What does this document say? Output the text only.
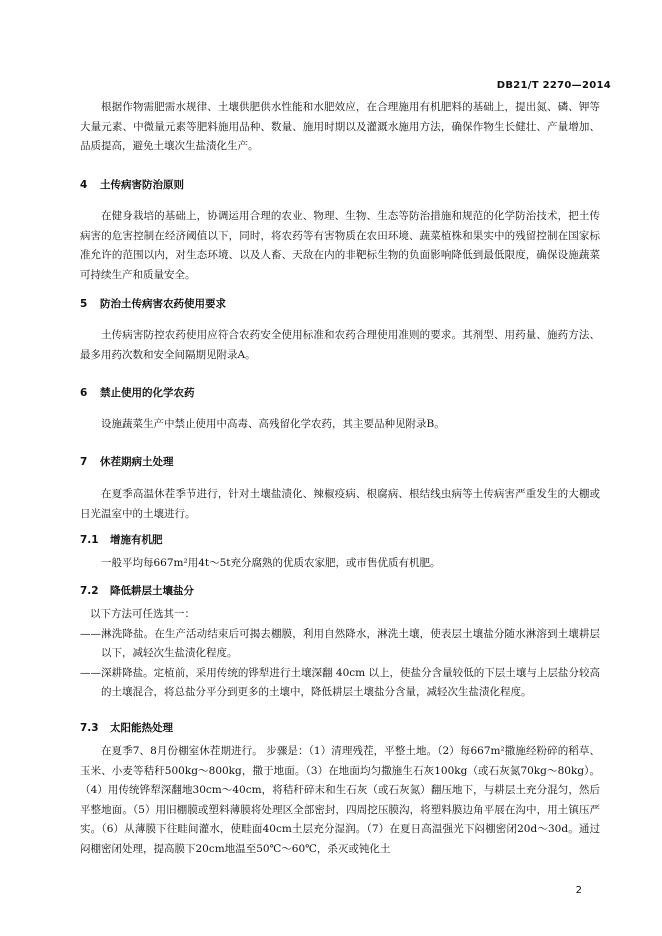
DB21/T 2270—2014

根据作物需肥需水规律、土壤供肥供水性能和水肥效应，在合理施用有机肥料的基础上，提出氮、磷、钾等大量元素、中微量元素等肥料施用品种、数量、施用时期以及灌溉水施用方法，确保作物生长健壮、产量增加、品质提高，避免土壤次生盐渍化生产。

4 土传病害防治原则

在健身栽培的基础上，协调运用合理的农业、物理、生物、生态等防治措施和规范的化学防治技术，把土传病害的危害控制在经济阈值以下，同时，将农药等有害物质在农田环境、蔬菜植株和果实中的残留控制在国家标准允许的范围以内，对生态环境、以及人畜、天敌在内的非靶标生物的负面影响降低到最低限度，确保设施蔬菜可持续生产和质量安全。

5 防治土传病害农药使用要求

土传病害防控农药使用应符合农药安全使用标准和农药合理使用准则的要求。其剂型、用药量、施药方法、最多用药次数和安全间隔期见附录A。

6 禁止使用的化学农药

设施蔬菜生产中禁止使用中高毒、高残留化学农药，其主要品种见附录B。

7 休茬期病土处理

在夏季高温休茬季节进行，针对土壤盐渍化、辣椒疫病、根腐病、根结线虫病等土传病害严重发生的大棚或日光温室中的土壤进行。

7.1 增施有机肥

一般平均每667m²用4t～5t充分腐熟的优质农家肥，或市售优质有机肥。

7.2 降低耕层土壤盐分

以下方法可任选其一：

——淋洗降盐。在生产活动结束后可揭去棚膜，利用自然降水，淋洗土壤，使表层土壤盐分随水淋溶到土壤耕层以下，减轻次生盐渍化程度。

——深耕降盐。定植前，采用传统的铧犁进行土壤深翻 40cm 以上，使盐分含量较低的下层土壤与上层盐分较高的土壤混合，将总盐分平分到更多的土壤中，降低耕层土壤盐分含量，减轻次生盐渍化程度。

7.3 太阳能热处理

在夏季7、8月份棚室休茬期进行。 步骤是：（1）清理残茬，平整土地。（2）每667m²撒施经粉碎的稻草、玉米、小麦等秸秆500kg～800kg，撒于地面。（3）在地面均匀撒施生石灰100kg（或石灰氮70kg～80kg）。（4）用传统铧犁深翻地30cm～40cm，将秸秆碎末和生石灰（或石灰氮）翻压地下，与耕层土充分混匀，然后平整地面。（5）用旧棚膜或塑料薄膜将处理区全部密封，四周挖压膜沟，将塑料膜边角平展在沟中，用土镇压严实。（6）从薄膜下往畦间灌水，使畦面40cm土层充分湿润。（7）在夏日高温强光下闷棚密闭20d～30d。通过闷棚密闭处理，提高膜下20cm地温至50℃～60℃，杀灭或钝化土

2
